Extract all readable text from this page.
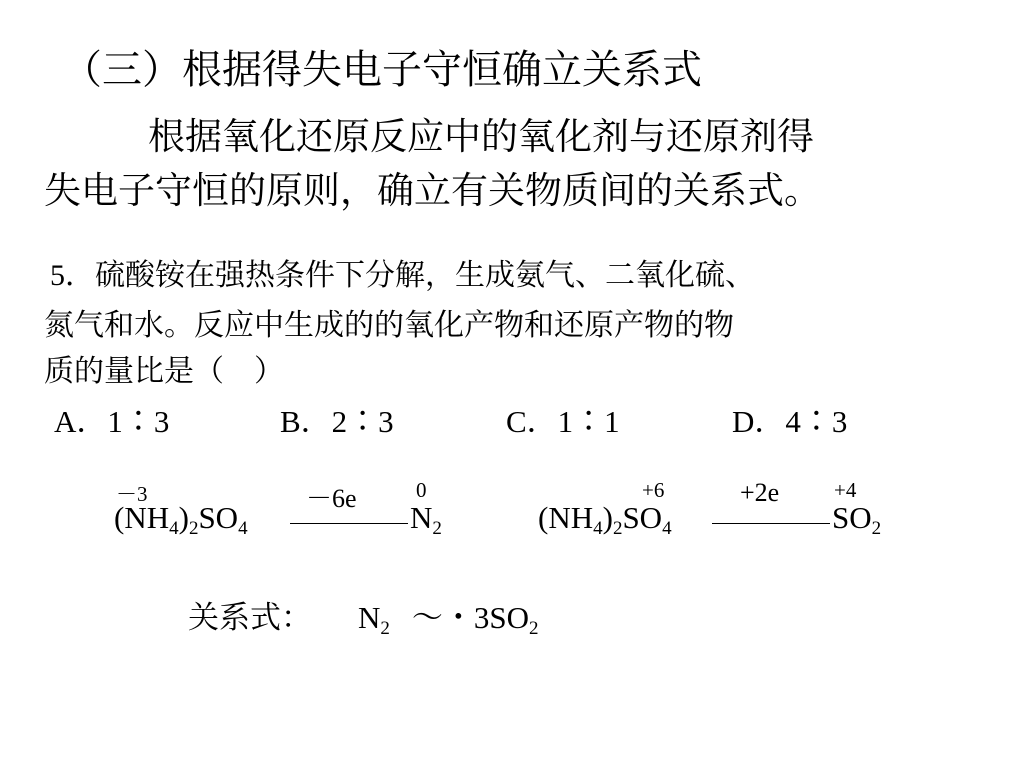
（三）根据得失电子守恒确立关系式
根据氧化还原反应中的氧化剂与还原剂得
失电子守恒的原则，确立有关物质间的关系式。
5．硫酸铵在强热条件下分解，生成氨气、二氧化硫、
氮气和水。反应中生成的的氧化产物和还原产物的物
质的量比是（　）
A．1∶3	B．2∶3	C．1∶1	D．4∶3
－3	－6e	0
$(NH_4)_2SO_4$	$N_2$
+6	+2e	+4
$(NH_4)_2SO_4$	$SO_2$
关系式： $N_2$ ～・$3SO_2$
